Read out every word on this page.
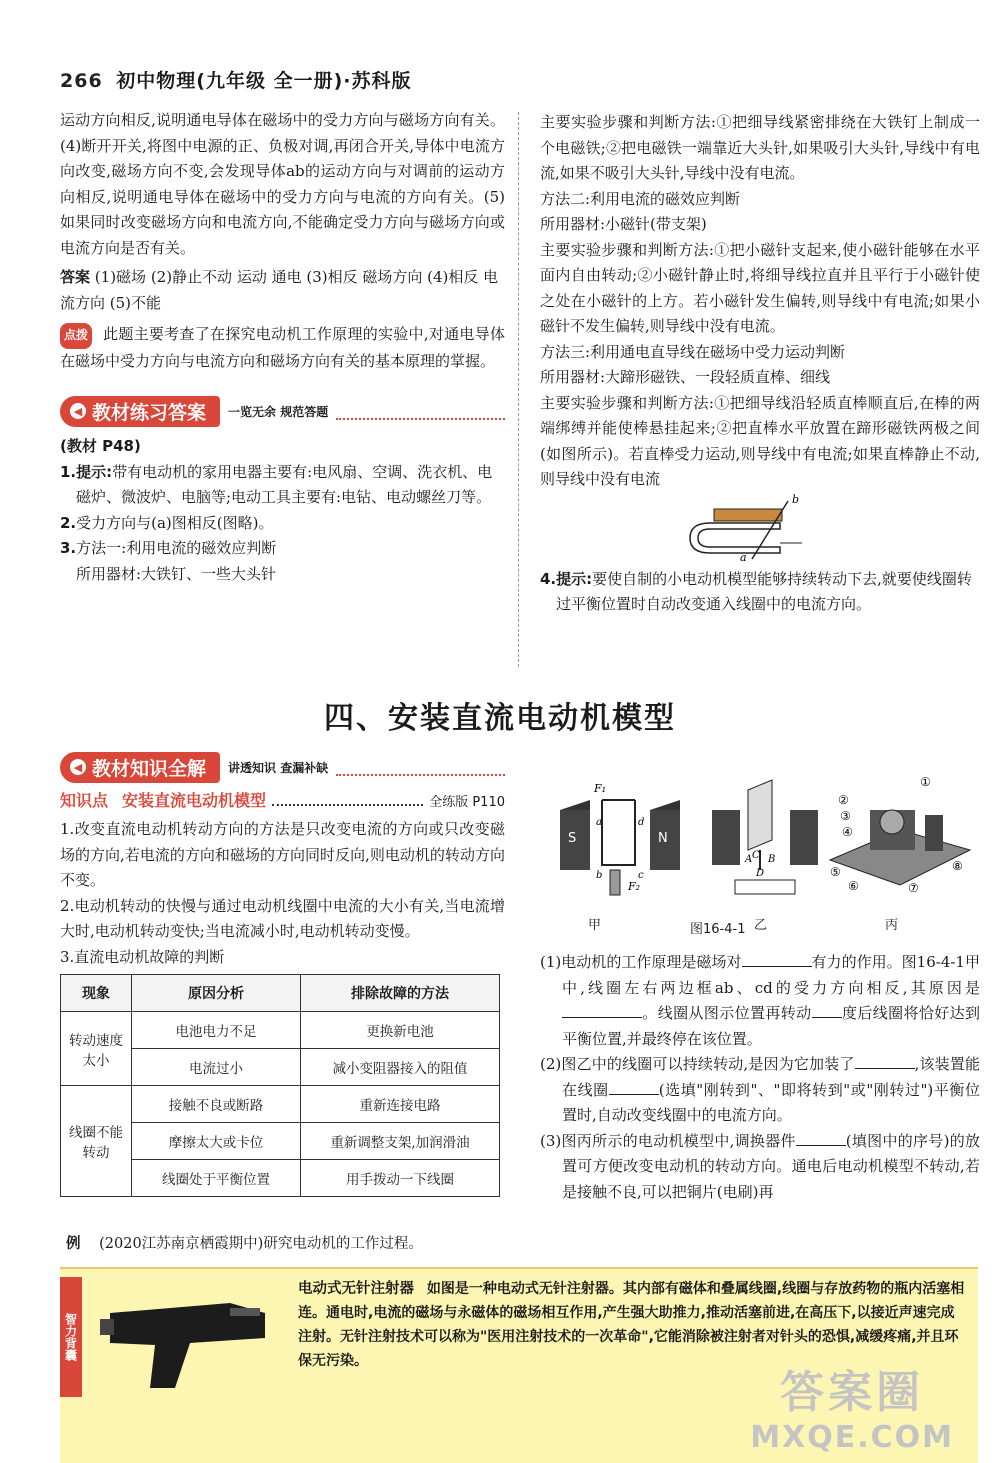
266 初中物理(九年级 全一册)·苏科版

运动方向相反,说明通电导体在磁场中的受力方向与磁场方向有关。(4)断开开关,将图中电源的正、负极对调,再闭合开关,导体中电流方向改变,磁场方向不变,会发现导体ab的运动方向与对调前的运动方向相反,说明通电导体在磁场中的受力方向与电流的方向有关。(5)如果同时改变磁场方向和电流方向,不能确定受力方向与磁场方向或电流方向是否有关。

答案 (1)磁场 (2)静止不动 运动 通电 (3)相反 磁场方向 (4)相反 电流方向 (5)不能

点拨 此题主要考查了在探究电动机工作原理的实验中,对通电导体在磁场中受力方向与电流方向和磁场方向有关的基本原理的掌握。

◀ 教材练习答案 一览无余 规范答题

(教材 P48)

1.提示:带有电动机的家用电器主要有:电风扇、空调、洗衣机、电磁炉、微波炉、电脑等;电动工具主要有:电钻、电动螺丝刀等。

2.受力方向与(a)图相反(图略)。

3.方法一:利用电流的磁效应判断

所用器材:大铁钉、一些大头针

主要实验步骤和判断方法:①把细导线紧密排绕在大铁钉上制成一个电磁铁;②把电磁铁一端靠近大头针,如果吸引大头针,导线中有电流,如果不吸引大头针,导线中没有电流。

方法二:利用电流的磁效应判断

所用器材:小磁针(带支架)

主要实验步骤和判断方法:①把小磁针支起来,使小磁针能够在水平面内自由转动;②小磁针静止时,将细导线拉直并且平行于小磁针使之处在小磁针的上方。若小磁针发生偏转,则导线中有电流;如果小磁针不发生偏转,则导线中没有电流。

方法三:利用通电直导线在磁场中受力运动判断

所用器材:大蹄形磁铁、一段轻质直棒、细线

主要实验步骤和判断方法:①把细导线沿轻质直棒顺直后,在棒的两端绑缚并能使棒悬挂起来;②把直棒水平放置在蹄形磁铁两极之间(如图所示)。若直棒受力运动,则导线中有电流;如果直棒静止不动,则导线中没有电流

b
a

4.提示:要使自制的小电动机模型能够持续转动下去,就要使线圈转过平衡位置时自动改变通入线圈中的电流方向。

四、安装直流电动机模型
◀ 教材知识全解 讲透知识 查漏补缺
知识点 安装直流电动机模型	全练版 P110

1.改变直流电动机转动方向的方法是只改变电流的方向或只改变磁场的方向,若电流的方向和磁场的方向同时反向,则电动机的转动方向不变。

2.电动机转动的快慢与通过电动机线圈中电流的大小有关,当电流增大时,电动机转动变快;当电流减小时,电动机转动变慢。

3.直流电动机故障的判断

现象	原因分析	排除故障的方法
转动速度太小	电池电力不足	更换新电池
	电流过小	减小变阻器接入的阻值
线圈不能转动	接触不良或断路	重新连接电路
	摩擦太大或卡位	重新调整支架,加润滑油
	线圈处于平衡位置	用手拨动一下线圈
例 (2020江苏南京栖霞期中)研究电动机的工作过程。
S	N
F₁
F₂
a	d
b	c
A C B
D
①
②
③
④
⑤
⑥	⑦
⑧
甲	乙	丙
图16-4-1

(1)电动机的工作原理是磁场对	有力的作用。图16-4-1甲中,线圈左右两边框ab、cd的受力方向相反,其原因是。线圈从图示位置再转动 度后线圈将恰好达到平衡位置,并最终停在该位置。

(2)图乙中的线圈可以持续转动,是因为它加装了	,该装置能在线圈	(选填"刚转到"、"即将转到"或"刚转过")平衡位置时,自动改变线圈中的电流方向。

(3)图丙所示的电动机模型中,调换器件	(填图中的序号)的放置可方便改变电动机的转动方向。通电后电动机模型不转动,若是接触不良,可以把铜片(电刷)再

智力背囊
电动式无针注射器 如图是一种电动式无针注射器。其内部有磁体和叠属线圈,线圈与存放药物的瓶内活塞相连。通电时,电流的磁场与永磁体的磁场相互作用,产生强大助推力,推动活塞前进,在高压下,以接近声速完成注射。无针注射技术可以称为"医用注射技术的一次革命",它能消除被注射者对针头的恐惧,减缓疼痛,并且环保无污染。
答案圈
MXQE.COM
